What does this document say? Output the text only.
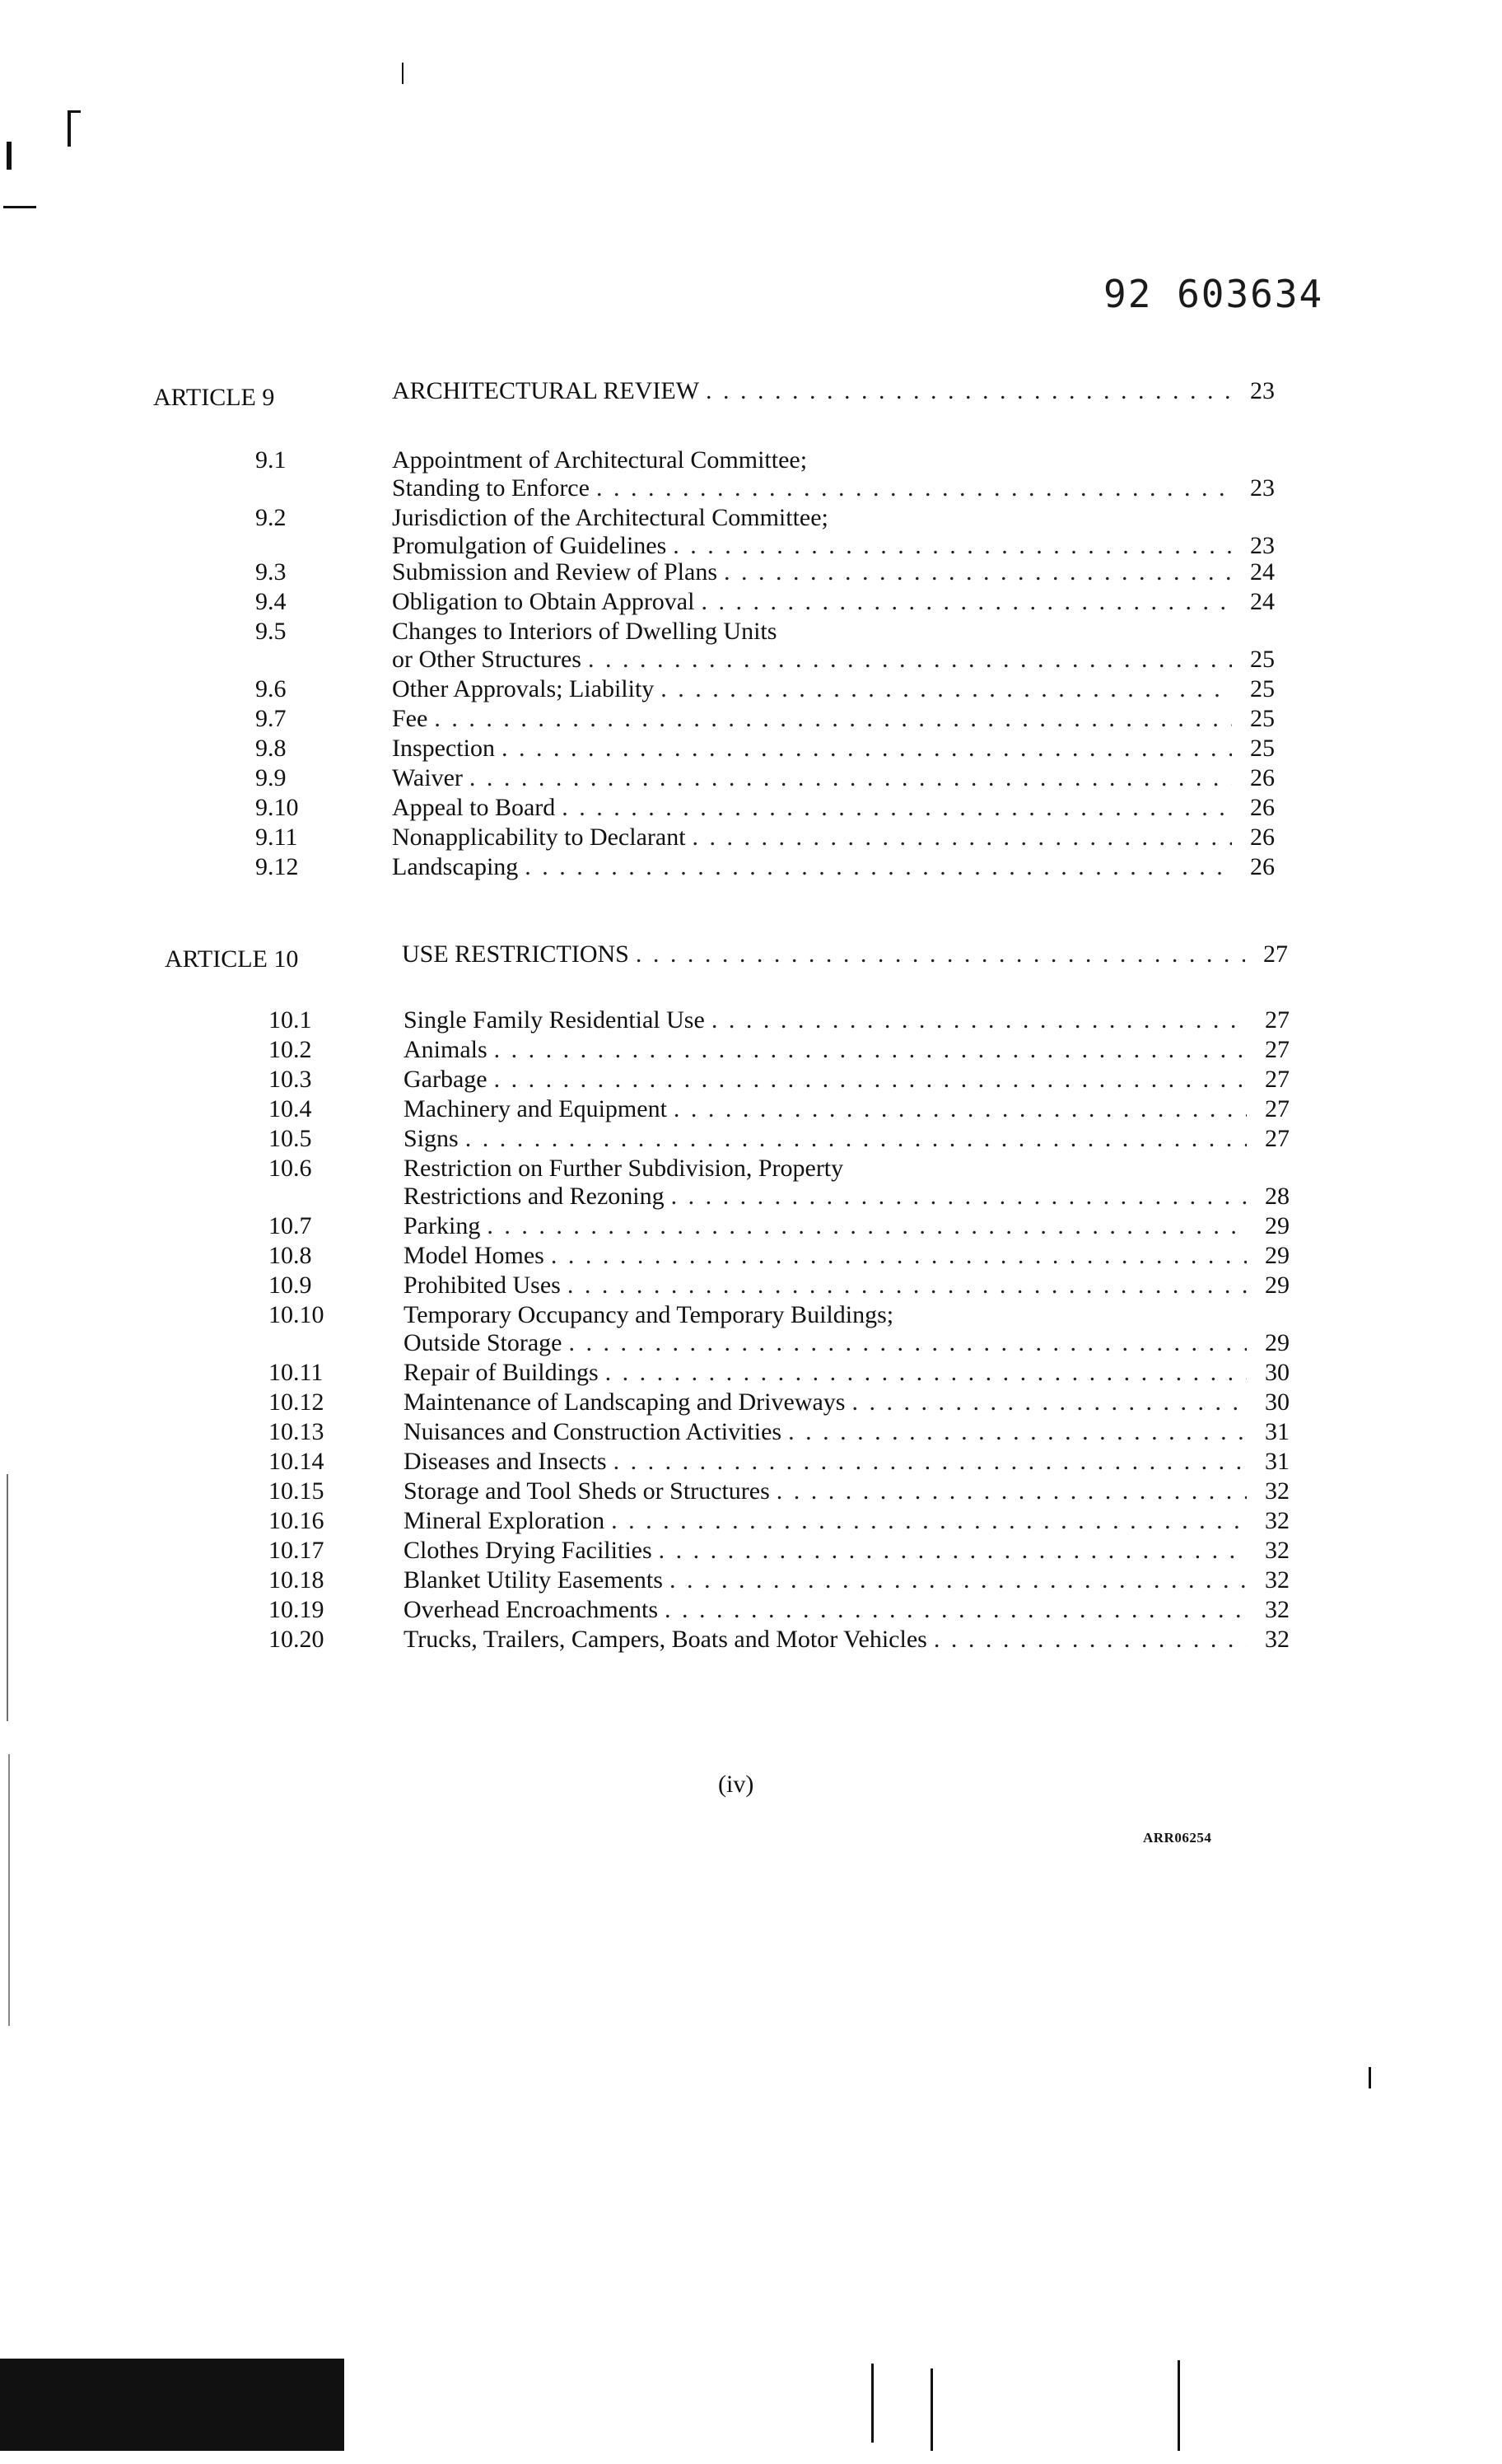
92 603634
ARTICLE 9	ARCHITECTURAL REVIEW . . .	23
9.1	Appointment of Architectural Committee;
Standing to Enforce . . .	23
9.2	Jurisdiction of the Architectural Committee;
Promulgation of Guidelines . . .	23
9.3	Submission and Review of Plans . . .	24
9.4	Obligation to Obtain Approval . . .	24
9.5	Changes to Interiors of Dwelling Units
or Other Structures . . .	25
9.6	Other Approvals; Liability . . .	25
9.7	Fee . . .	25
9.8	Inspection . . .	25
9.9	Waiver . . .	26
9.10	Appeal to Board . . .	26
9.11	Nonapplicability to Declarant . . .	26
9.12	Landscaping . . .	26
ARTICLE 10	USE RESTRICTIONS . . .	27
10.1	Single Family Residential Use . . .	27
10.2	Animals . . .	27
10.3	Garbage . . .	27
10.4	Machinery and Equipment . . .	27
10.5	Signs . . .	27
10.6	Restriction on Further Subdivision, Property
Restrictions and Rezoning . . .	28
10.7	Parking . . .	29
10.8	Model Homes . . .	29
10.9	Prohibited Uses . . .	29
10.10	Temporary Occupancy and Temporary Buildings;
Outside Storage . . .	29
10.11	Repair of Buildings . . .	30
10.12	Maintenance of Landscaping and Driveways . . .	30
10.13	Nuisances and Construction Activities . . .	31
10.14	Diseases and Insects . . .	31
10.15	Storage and Tool Sheds or Structures . . .	32
10.16	Mineral Exploration . . .	32
10.17	Clothes Drying Facilities . . .	32
10.18	Blanket Utility Easements . . .	32
10.19	Overhead Encroachments . . .	32
10.20	Trucks, Trailers, Campers, Boats and Motor Vehicles . . .	32
(iv)
ARR06254
